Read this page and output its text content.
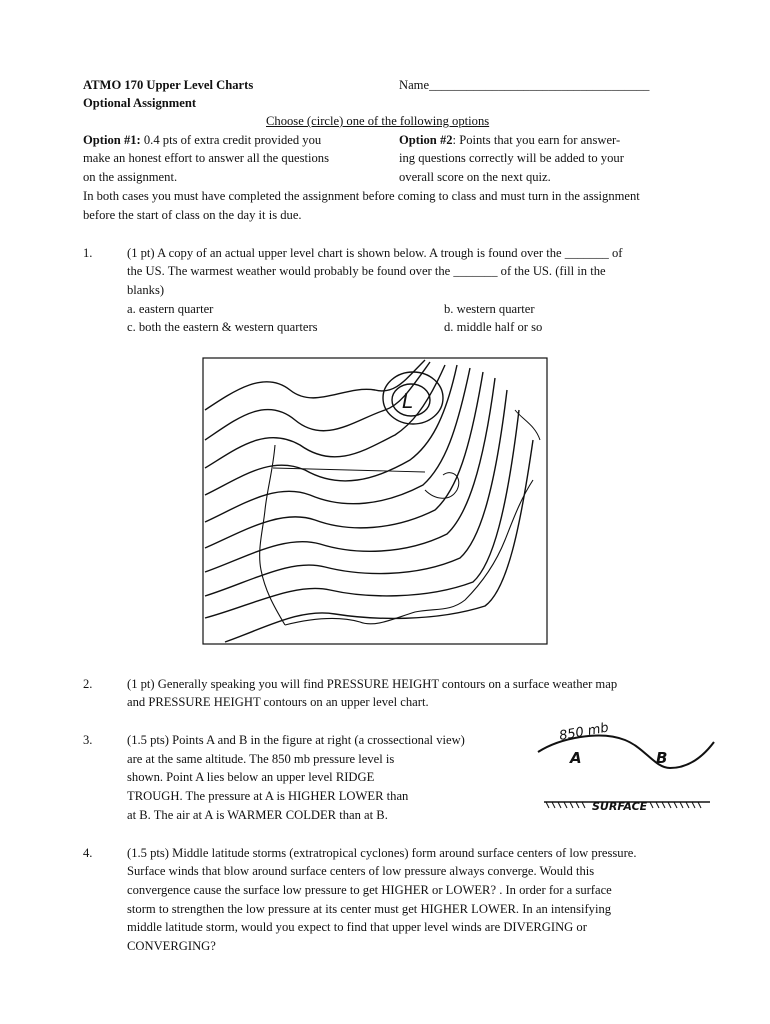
ATMO 170 Upper Level Charts	Name___________________________________
Optional Assignment
Choose (circle) one of the following options
Option #1: 0.4 pts of extra credit provided you
make an honest effort to answer all the questions
on the assignment.
Option #2: Points that you earn for answer-
ing questions correctly will be added to your
overall score on the next quiz.
In both cases you must have completed the assignment before coming to class and must turn in the assignment
before the start of class on the day it is due.
1.	(1 pt) A copy of an actual upper level chart is shown below. A trough is found over the _______ of
the US. The warmest weather would probably be found over the _______ of the US. (fill in the
blanks)
a. eastern quarter	b. western quarter
c. both the eastern & western quarters	d. middle half or so
L
2.	(1 pt) Generally speaking you will find PRESSURE HEIGHT contours on a surface weather map
and PRESSURE HEIGHT contours on an upper level chart.
3.	(1.5 pts) Points A and B in the figure at right (a crossectional view)
are at the same altitude. The 850 mb pressure level is
shown. Point A lies below an upper level RIDGE
TROUGH. The pressure at A is HIGHER LOWER than
at B. The air at A is WARMER COLDER than at B.
850 mb
A	B
SURFACE
4.	(1.5 pts) Middle latitude storms (extratropical cyclones) form around surface centers of low pressure.
Surface winds that blow around surface centers of low pressure always converge. Would this
convergence cause the surface low pressure to get HIGHER or LOWER? . In order for a surface
storm to strengthen the low pressure at its center must get HIGHER LOWER. In an intensifying
middle latitude storm, would you expect to find that upper level winds are DIVERGING or
CONVERGING?
